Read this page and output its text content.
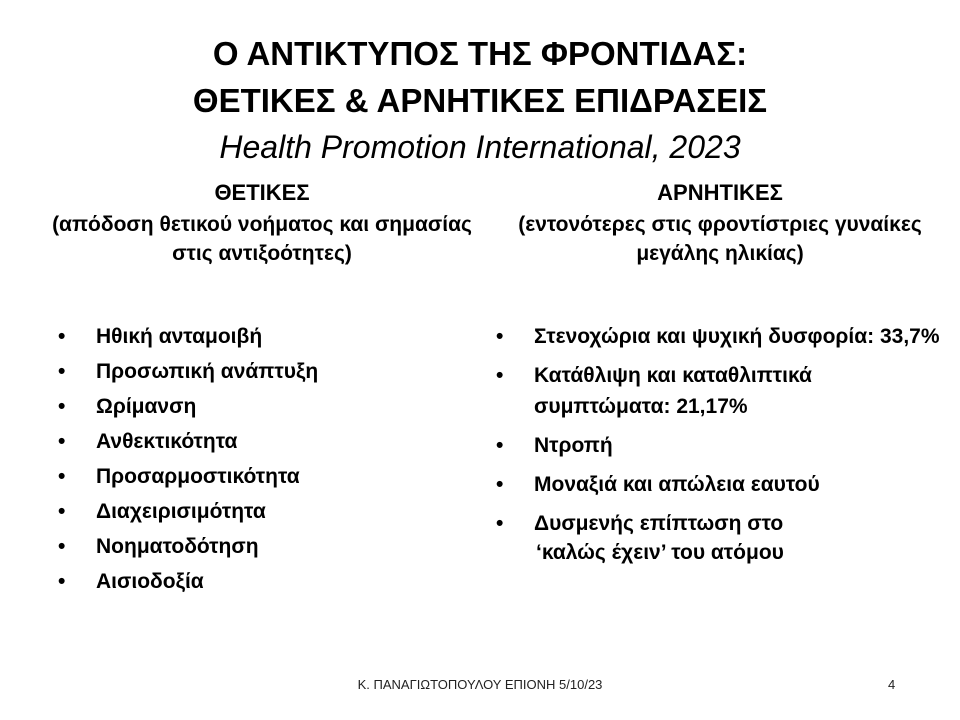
Ο ΑΝΤΙΚΤΥΠΟΣ ΤΗΣ ΦΡΟΝΤΙΔΑΣ:
ΘΕΤΙΚΕΣ & ΑΡΝΗΤΙΚΕΣ ΕΠΙΔΡΑΣΕΙΣ
Health Promotion International, 2023
ΘΕΤΙΚΕΣ
(απόδοση θετικού νοήματος και σημασίας στις αντιξοότητες)
•	Ηθική ανταμοιβή
•	Προσωπική ανάπτυξη
•	Ωρίμανση
•	Ανθεκτικότητα
•	Προσαρμοστικότητα
•	Διαχειρισιμότητα
•	Νοηματοδότηση
•	Αισιοδοξία
ΑΡΝΗΤΙΚΕΣ
(εντονότερες στις φροντίστριες γυναίκες μεγάλης ηλικίας)
•	Στενοχώρια και ψυχική δυσφορία: 33,7%
•	Κατάθλιψη και καταθλιπτικά συμπτώματα: 21,17%
•	Ντροπή
•	Μοναξιά και απώλεια εαυτού
•	Δυσμενής επίπτωση στο
‘καλώς έχειν’ του ατόμου
Κ. ΠΑΝΑΓΙΩΤΟΠΟΥΛΟΥ ΕΠΙΟΝΗ 5/10/23	4
